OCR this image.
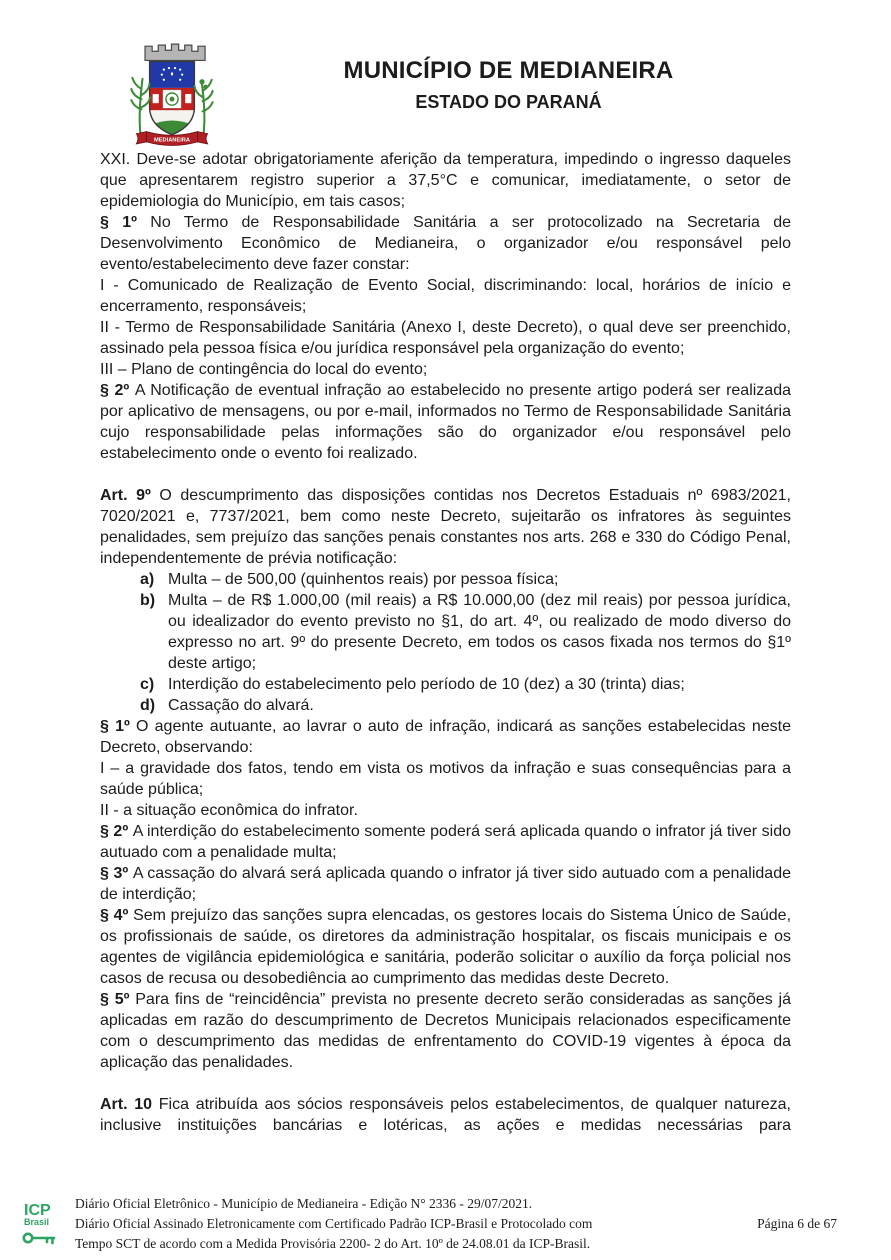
MEDIANEIRA
MUNICÍPIO DE MEDIANEIRA
ESTADO DO PARANÁ

XXI. Deve-se adotar obrigatoriamente aferição da temperatura, impedindo o ingresso daqueles que apresentarem registro superior a 37,5°C e comunicar, imediatamente, o setor de epidemiologia do Município, em tais casos;

§ 1º No Termo de Responsabilidade Sanitária a ser protocolizado na Secretaria de Desenvolvimento Econômico de Medianeira, o organizador e/ou responsável pelo evento/estabelecimento deve fazer constar:

I - Comunicado de Realização de Evento Social, discriminando: local, horários de início e encerramento, responsáveis;

II - Termo de Responsabilidade Sanitária (Anexo I, deste Decreto), o qual deve ser preenchido, assinado pela pessoa física e/ou jurídica responsável pela organização do evento;

III – Plano de contingência do local do evento;

§ 2º A Notificação de eventual infração ao estabelecido no presente artigo poderá ser realizada por aplicativo de mensagens, ou por e-mail, informados no Termo de Responsabilidade Sanitária cujo responsabilidade pelas informações são do organizador e/ou responsável pelo estabelecimento onde o evento foi realizado.

Art. 9º O descumprimento das disposições contidas nos Decretos Estaduais nº 6983/2021, 7020/2021 e, 7737/2021, bem como neste Decreto, sujeitarão os infratores às seguintes penalidades, sem prejuízo das sanções penais constantes nos arts. 268 e 330 do Código Penal, independentemente de prévia notificação:

a) Multa – de 500,00 (quinhentos reais) por pessoa física;

b) Multa – de R$ 1.000,00 (mil reais) a R$ 10.000,00 (dez mil reais) por pessoa jurídica, ou idealizador do evento previsto no §1, do art. 4º, ou realizado de modo diverso do expresso no art. 9º do presente Decreto, em todos os casos fixada nos termos do §1º deste artigo;

c) Interdição do estabelecimento pelo período de 10 (dez) a 30 (trinta) dias;

d) Cassação do alvará.

§ 1º O agente autuante, ao lavrar o auto de infração, indicará as sanções estabelecidas neste Decreto, observando:

I – a gravidade dos fatos, tendo em vista os motivos da infração e suas consequências para a saúde pública;

II - a situação econômica do infrator.

§ 2º A interdição do estabelecimento somente poderá será aplicada quando o infrator já tiver sido autuado com a penalidade multa;

§ 3º A cassação do alvará será aplicada quando o infrator já tiver sido autuado com a penalidade de interdição;

§ 4º Sem prejuízo das sanções supra elencadas, os gestores locais do Sistema Único de Saúde, os profissionais de saúde, os diretores da administração hospitalar, os fiscais municipais e os agentes de vigilância epidemiológica e sanitária, poderão solicitar o auxílio da força policial nos casos de recusa ou desobediência ao cumprimento das medidas deste Decreto.

§ 5º Para fins de “reincidência” prevista no presente decreto serão consideradas as sanções já aplicadas em razão do descumprimento de Decretos Municipais relacionados especificamente com o descumprimento das medidas de enfrentamento do COVID-19 vigentes à época da aplicação das penalidades.

Art. 10 Fica atribuída aos sócios responsáveis pelos estabelecimentos, de qualquer natureza, inclusive instituições bancárias e lotéricas, as ações e medidas necessárias para

ICP
Brasil
Diário Oficial Eletrônico - Município de Medianeira - Edição N° 2336 - 29/07/2021.
Diário Oficial Assinado Eletronicamente com Certificado Padrão ICP-Brasil e Protocolado com
Tempo SCT de acordo com a Medida Provisória 2200- 2 do Art. 10º de 24.08.01 da ICP-Brasil.
Página 6 de 67
